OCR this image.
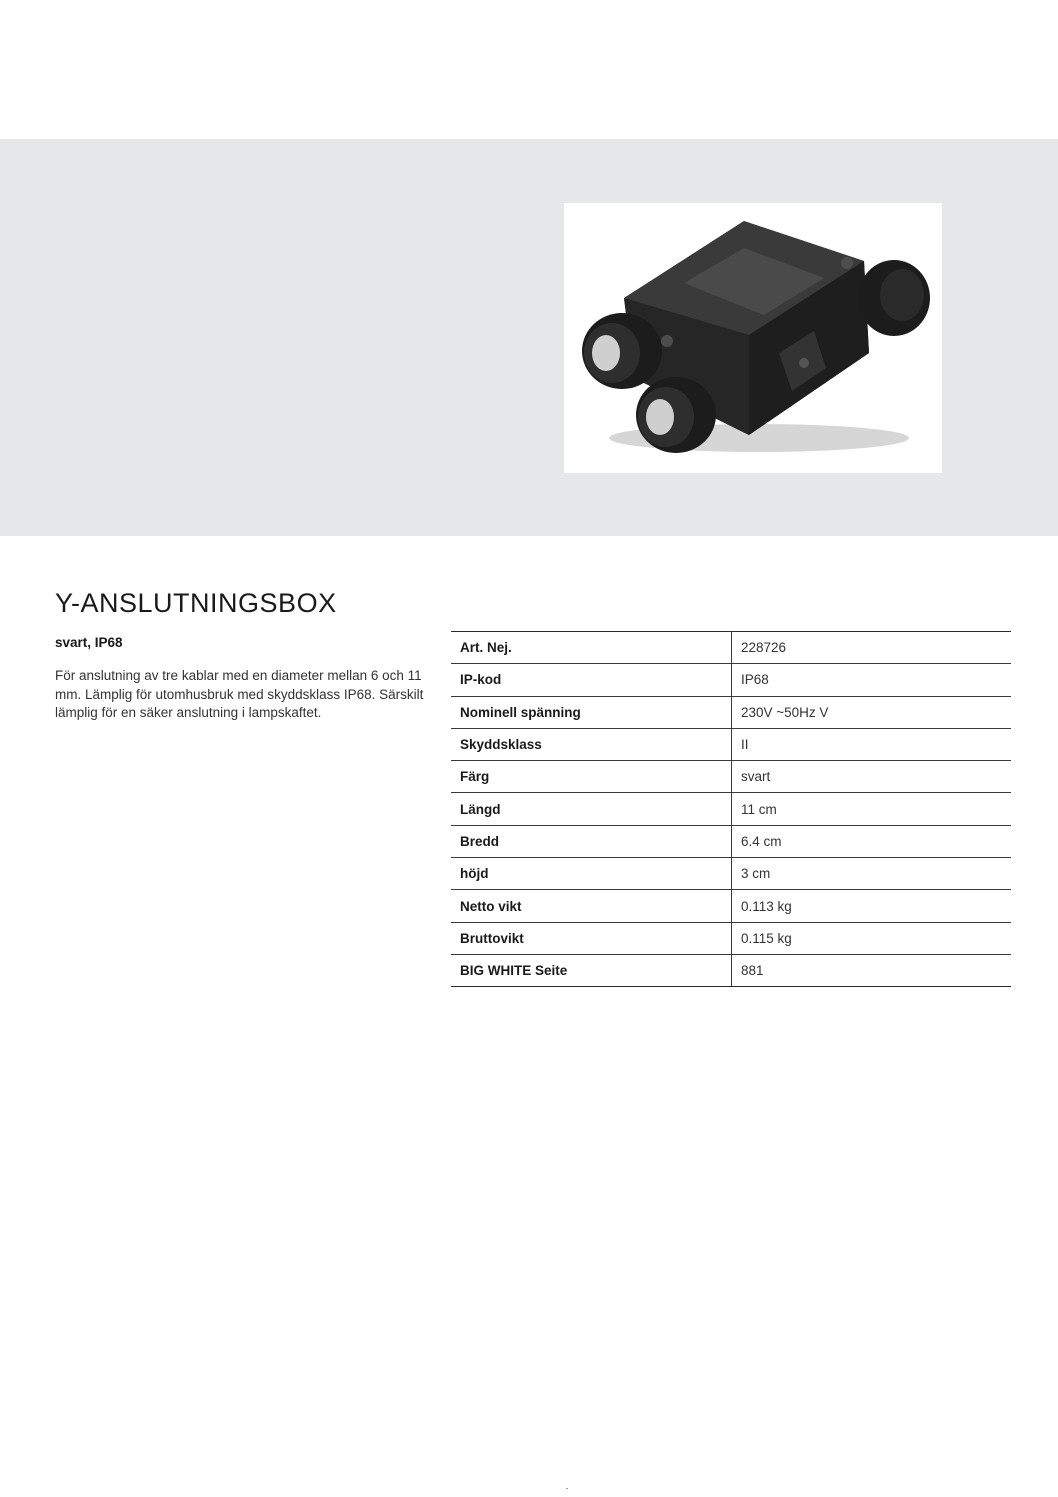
Y-ANSLUTNINGSBOX

svart, IP68

För anslutning av tre kablar med en diameter mellan 6 och 11 mm. Lämplig för utomhusbruk med skyddsklass IP68. Särskilt lämplig för en säker anslutning i lampskaftet.

Art. Nej.	228726
IP-kod	IP68
Nominell spänning	230V ~50Hz V
Skyddsklass	II
Färg	svart
Längd	11 cm
Bredd	6.4 cm
höjd	3 cm
Netto vikt	0.113 kg
Bruttovikt	0.115 kg
BIG WHITE Seite	881
